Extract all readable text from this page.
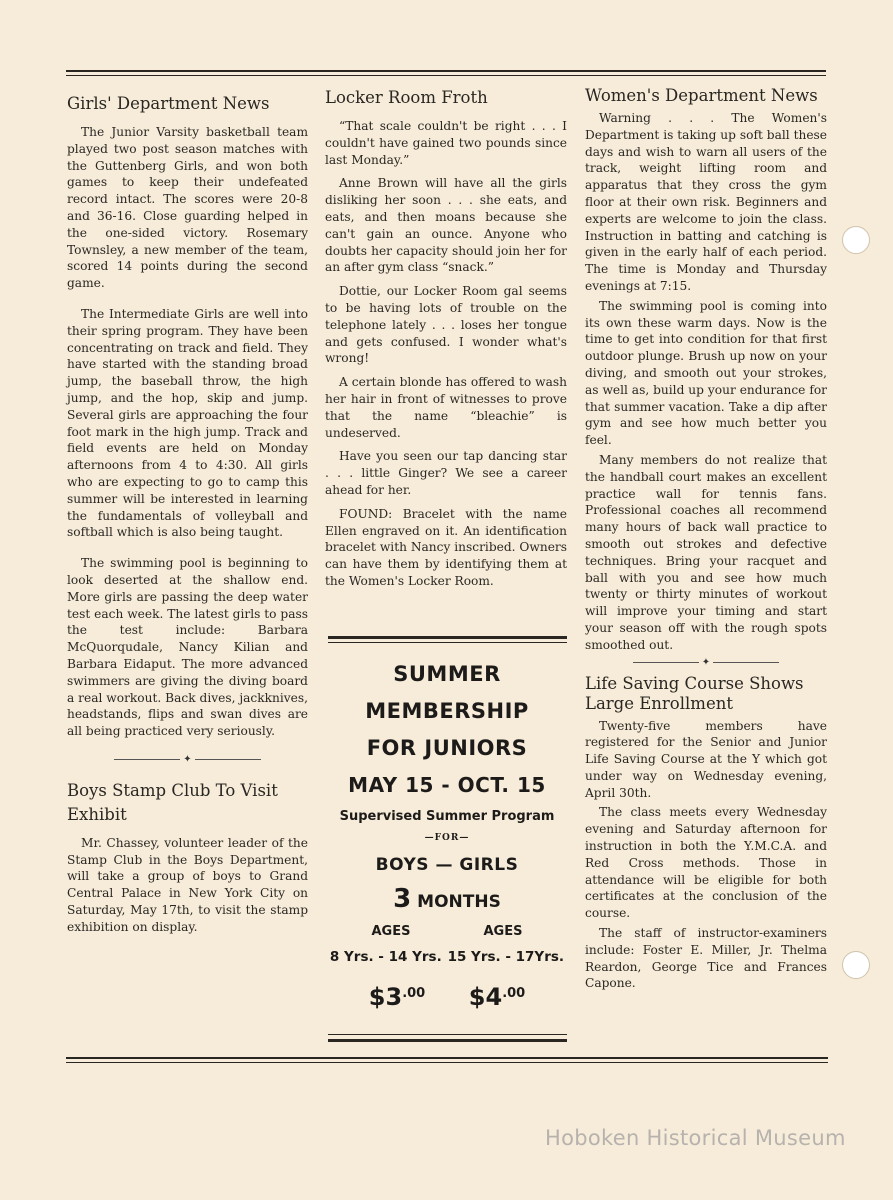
Girls' Department News

The Junior Varsity basketball team played two post season matches with the Guttenberg Girls, and won both games to keep their undefeated record intact. The scores were 20-8 and 36-16. Close guarding helped in the one-sided victory. Rosemary Townsley, a new member of the team, scored 14 points during the second game.

The Intermediate Girls are well into their spring program. They have been concentrating on track and field. They have started with the standing broad jump, the baseball throw, the high jump, and the hop, skip and jump. Several girls are approaching the four foot mark in the high jump. Track and field events are held on Monday afternoons from 4 to 4:30. All girls who are expecting to go to camp this summer will be interested in learning the fundamentals of volleyball and softball which is also being taught.

The swimming pool is beginning to look deserted at the shallow end. More girls are passing the deep water test each week. The latest girls to pass the test include: Barbara McQuorqudale, Nancy Kilian and Barbara Eidaput. The more advanced swimmers are giving the diving board a real workout. Back dives, jackknives, headstands, flips and swan dives are all being practiced very seriously.

✦
Boys Stamp Club To Visit Exhibit

Mr. Chassey, volunteer leader of the Stamp Club in the Boys Department, will take a group of boys to Grand Central Palace in New York City on Saturday, May 17th, to visit the stamp exhibition on display.

Locker Room Froth

“That scale couldn't be right . . . I couldn't have gained two pounds since last Monday.”

Anne Brown will have all the girls disliking her soon . . . she eats, and eats, and then moans because she can't gain an ounce. Anyone who doubts her capacity should join her for an after gym class “snack.”

Dottie, our Locker Room gal seems to be having lots of trouble on the telephone lately . . . loses her tongue and gets confused. I wonder what's wrong!

A certain blonde has offered to wash her hair in front of witnesses to prove that the name “bleachie” is undeserved.

Have you seen our tap dancing star . . . little Ginger? We see a career ahead for her.

FOUND: Bracelet with the name Ellen engraved on it. An identification bracelet with Nancy inscribed. Owners can have them by identifying them at the Women's Locker Room.

SUMMER
MEMBERSHIP
FOR JUNIORS
MAY 15 - OCT. 15
Supervised Summer Program
—FOR—
BOYS — GIRLS
3 MONTHS
AGES	AGES
8 Yrs. - 14 Yrs. 15 Yrs. - 17Yrs.
$\$3^{.00}$ $\$4^{.00}$
Women's Department News

Warning . . . The Women's Department is taking up soft ball these days and wish to warn all users of the track, weight lifting room and apparatus that they cross the gym floor at their own risk. Beginners and experts are welcome to join the class. Instruction in batting and catching is given in the early half of each period. The time is Monday and Thursday evenings at 7:15.

The swimming pool is coming into its own these warm days. Now is the time to get into condition for that first outdoor plunge. Brush up now on your diving, and smooth out your strokes, as well as, build up your endurance for that summer vacation. Take a dip after gym and see how much better you feel.

Many members do not realize that the handball court makes an excellent practice wall for tennis fans. Professional coaches all recommend many hours of back wall practice to smooth out strokes and defective techniques. Bring your racquet and ball with you and see how much twenty or thirty minutes of workout will improve your timing and start your season off with the rough spots smoothed out.

✦
Life Saving Course Shows Large Enrollment

Twenty-five members have registered for the Senior and Junior Life Saving Course at the Y which got under way on Wednesday evening, April 30th.

The class meets every Wednesday evening and Saturday afternoon for instruction in both the Y.M.C.A. and Red Cross methods. Those in attendance will be eligible for both certificates at the conclusion of the course.

The staff of instructor-examiners include: Foster E. Miller, Jr. Thelma Reardon, George Tice and Frances Capone.

Hoboken Historical Museum
